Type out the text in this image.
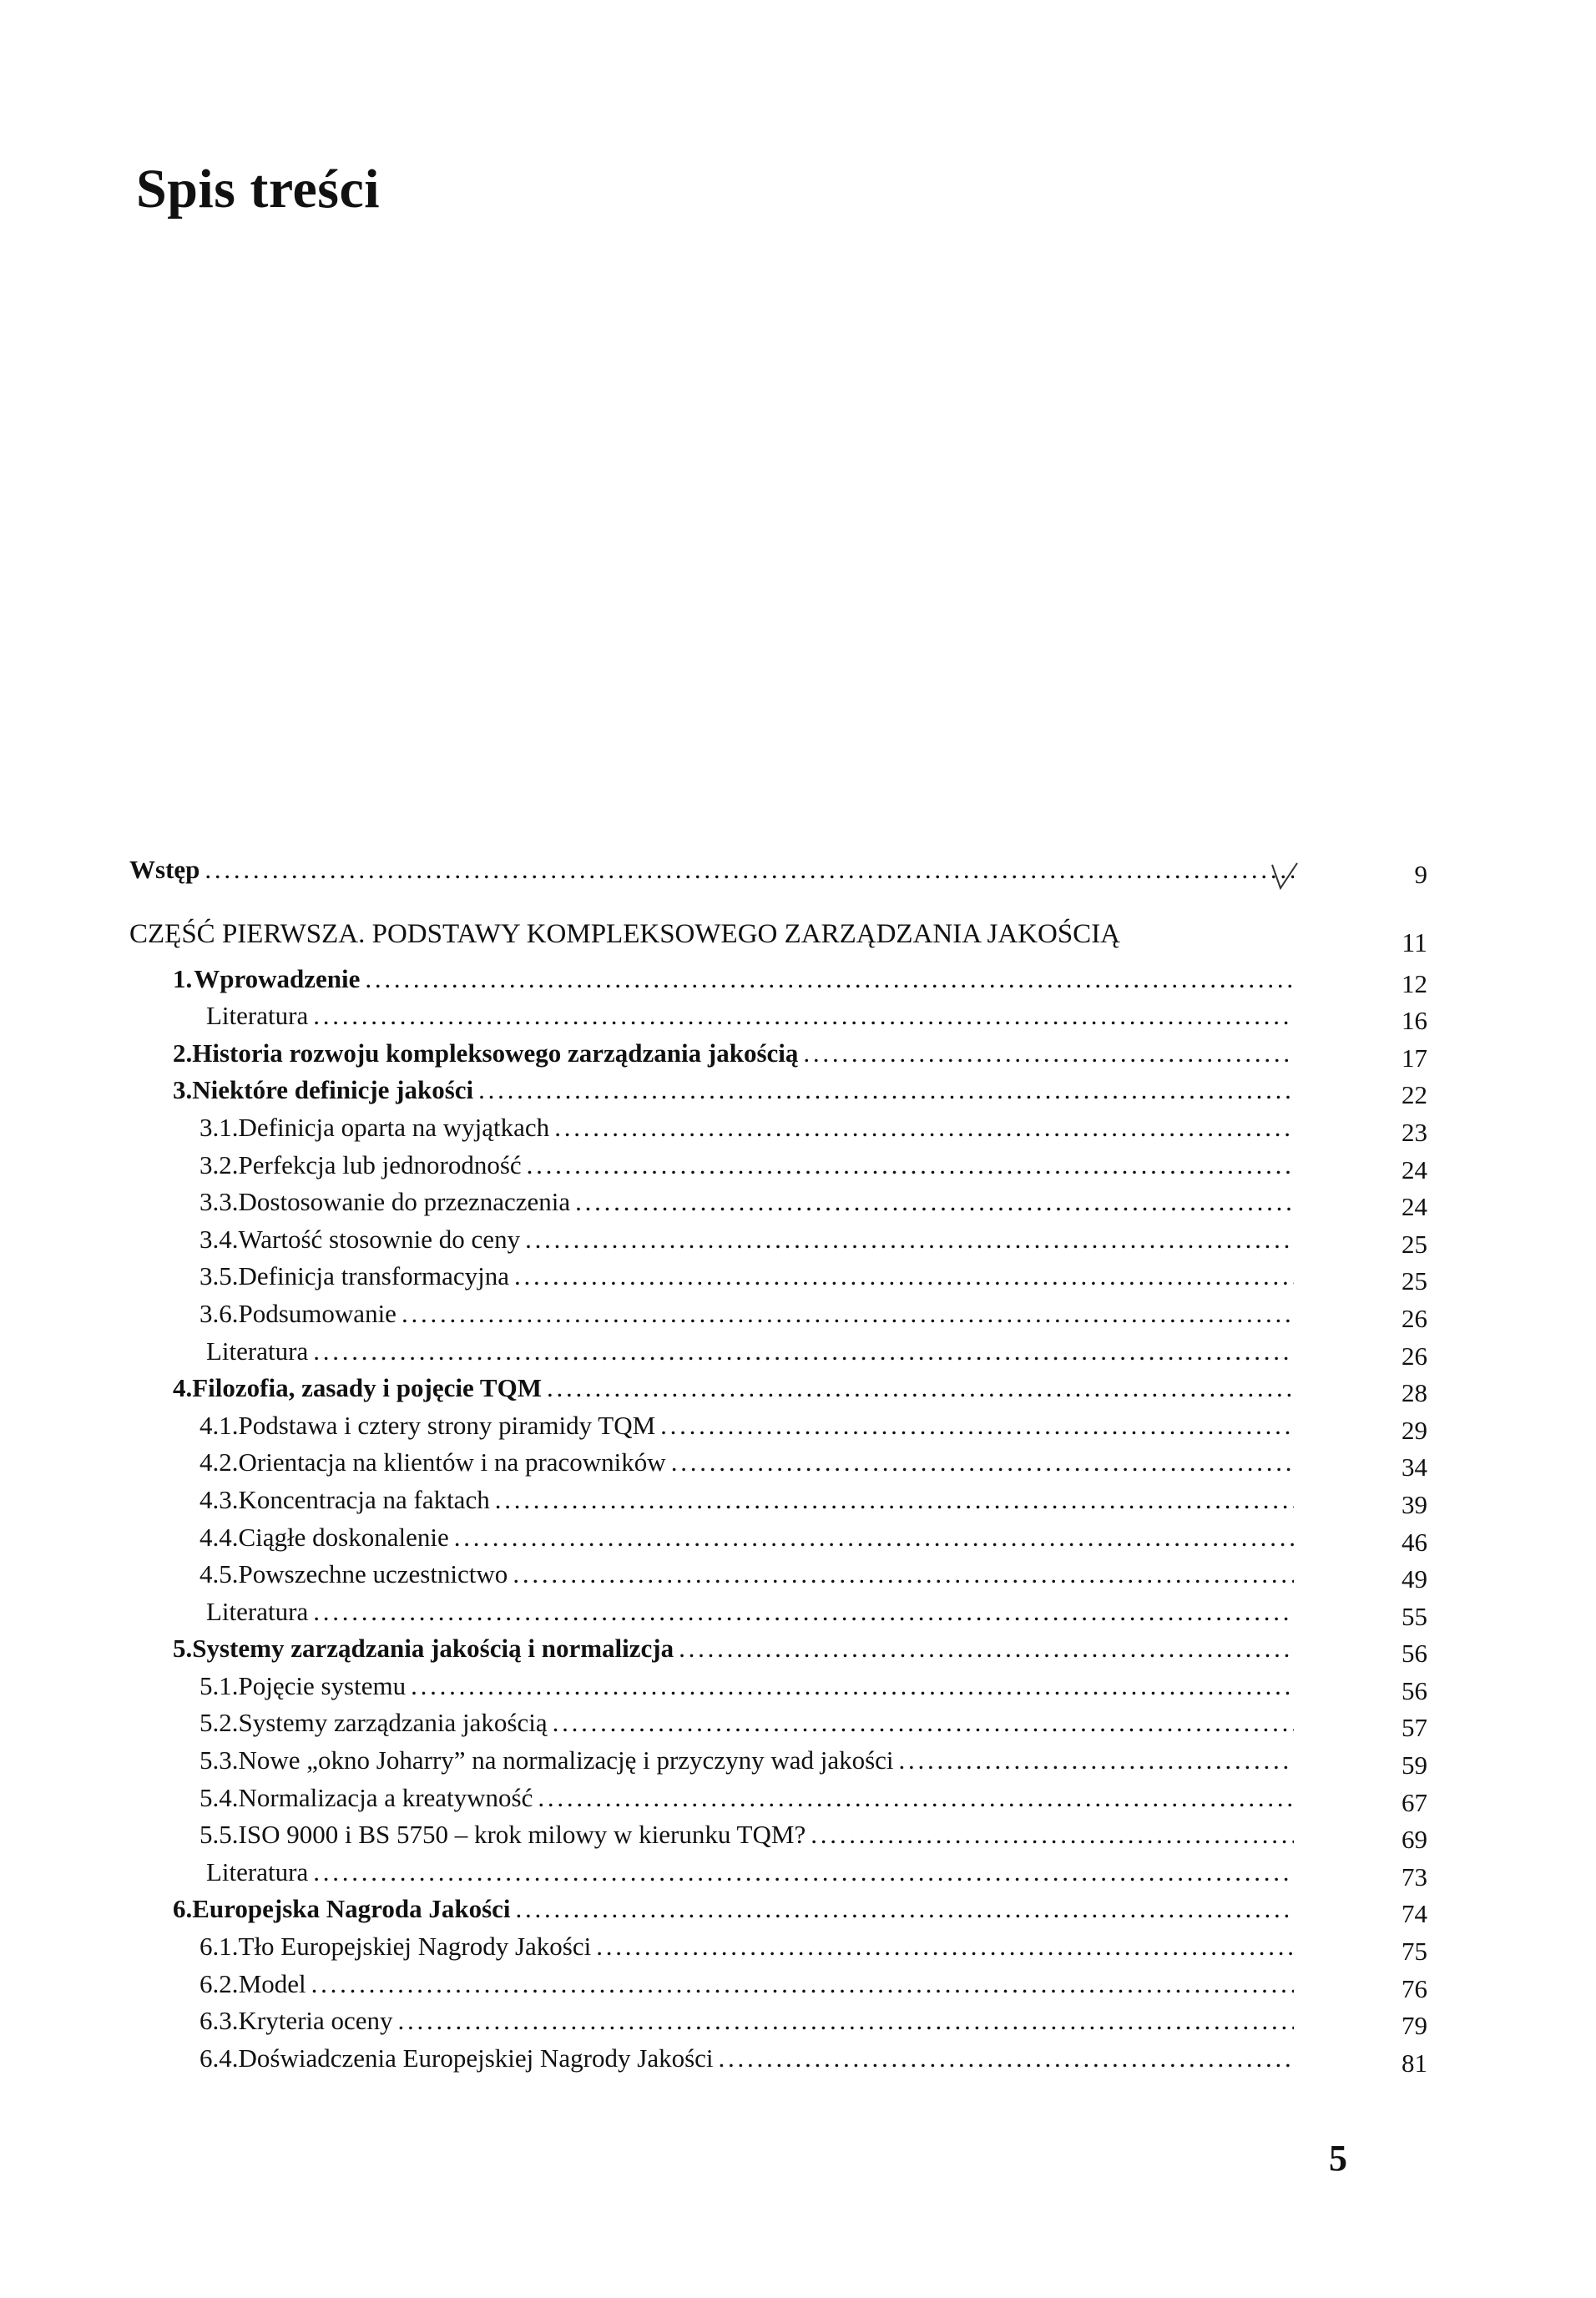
Spis treści
Wstęp . . .	9
CZĘŚĆ PIERWSZA. PODSTAWY KOMPLEKSOWEGO ZARZĄDZANIA JAKOŚCIĄ	11
1. Wprowadzenie . . .	12
Literatura . . .	16
2. Historia rozwoju kompleksowego zarządzania jakością . . .	17
3. Niektóre definicje jakości . . .	22
3.1. Definicja oparta na wyjątkach . . .	23
3.2. Perfekcja lub jednorodność . . .	24
3.3. Dostosowanie do przeznaczenia . . .	24
3.4. Wartość stosownie do ceny . . .	25
3.5. Definicja transformacyjna . . .	25
3.6. Podsumowanie . . .	26
Literatura . . .	26
4. Filozofia, zasady i pojęcie TQM . . .	28
4.1. Podstawa i cztery strony piramidy TQM . . .	29
4.2. Orientacja na klientów i na pracowników . . .	34
4.3. Koncentracja na faktach . . .	39
4.4. Ciągłe doskonalenie . . .	46
4.5. Powszechne uczestnictwo . . .	49
Literatura . . .	55
5. Systemy zarządzania jakością i normalizcja . . .	56
5.1. Pojęcie systemu . . .	56
5.2. Systemy zarządzania jakością . . .	57
5.3. Nowe „okno Joharry” na normalizację i przyczyny wad jakości . . .	59
5.4. Normalizacja a kreatywność . . .	67
5.5. ISO 9000 i BS 5750 – krok milowy w kierunku TQM? . . .	69
Literatura . . .	73
6. Europejska Nagroda Jakości . . .	74
6.1. Tło Europejskiej Nagrody Jakości . . .	75
6.2. Model . . .	76
6.3. Kryteria oceny . . .	79
6.4. Doświadczenia Europejskiej Nagrody Jakości . . .	81
5
